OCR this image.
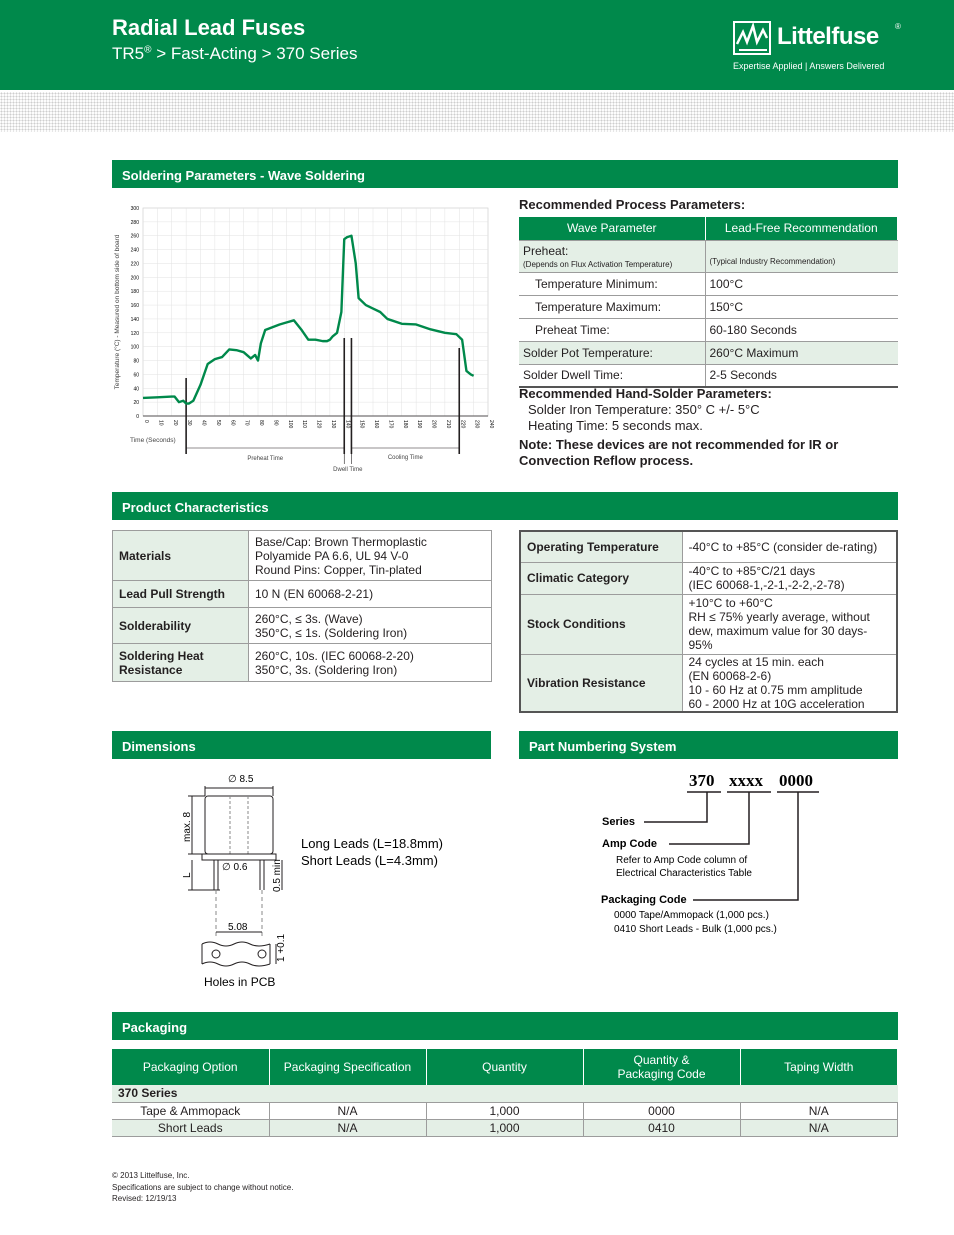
Radial Lead Fuses
TR5® > Fast-Acting > 370 Series
Littelfuse ®
Expertise Applied | Answers Delivered
Soldering Parameters - Wave Soldering
0 10 20 30 40 50 60 70 80 90 100 110 120 130 140 150 160 170 180 190 200 210 220 230 240
0
20
40
60
80
100
120
140
160
180
200
220
240
260
280
300
Temperature (°C) - Measured on bottom side of board
Time (Seconds)
Preheat Time
Dwell Time
Cooling Time
Recommended Process Parameters:
Wave Parameter	Lead-Free Recommendation
Preheat:
(Depends on Flux Activation Temperature)	(Typical Industry Recommendation)

Temperature Minimum:	100°C
Temperature Maximum:	150°C
Preheat Time:	60-180 Seconds
Solder Pot Temperature:	260°C Maximum
Solder Dwell Time:	2-5 Seconds
Recommended Hand-Solder Parameters:
Solder Iron Temperature: 350° C +/- 5°C
Heating Time: 5 seconds max.
Note: These devices are not recommended for IR or Convection Reflow process.
Product Characteristics
Materials	Base/Cap: Brown Thermoplastic
Polyamide PA 6.6, UL 94 V-0
Round Pins: Copper, Tin-plated

Lead Pull Strength	10 N (EN 60068-2-21)

Solderability	260°C, ≤ 3s. (Wave)
350°C, ≤ 1s. (Soldering Iron)

Soldering Heat Resistance	260°C, 10s. (IEC 60068-2-20)
350°C, 3s. (Soldering Iron)
Operating Temperature	-40°C to +85°C (consider de-rating)

Climatic Category	-40°C to +85°C/21 days
(IEC 60068-1,-2-1,-2-2,-2-78)

Stock Conditions	+10°C to +60°C
RH ≤ 75% yearly average, without
dew, maximum value for 30 days-
95%

Vibration Resistance	24 cycles at 15 min. each
(EN 60068-2-6)
10 - 60 Hz at 0.75 mm amplitude
60 - 2000 Hz at 10G acceleration
Dimensions	Part Numbering System
∅ 8.5
max. 8
L
∅ 0.6 0.5 min
5.08
1 +0.1
Holes in PCB
Long Leads (L=18.8mm)
Short Leads (L=4.3mm)
370 xxxx 0000
Series
Amp Code
Refer to Amp Code column of
Electrical Characteristics Table
Packaging Code
0000 Tape/Ammopack (1,000 pcs.)
0410 Short Leads - Bulk (1,000 pcs.)
Packaging
Packaging Option	Packaging Specification	Quantity	Quantity &
Packaging Code	Taping Width
370 Series				
Tape & Ammopack	N/A	1,000	0000	N/A
Short Leads	N/A	1,000	0410	N/A
© 2013 Littelfuse, Inc.
Specifications are subject to change without notice.
Revised: 12/19/13
